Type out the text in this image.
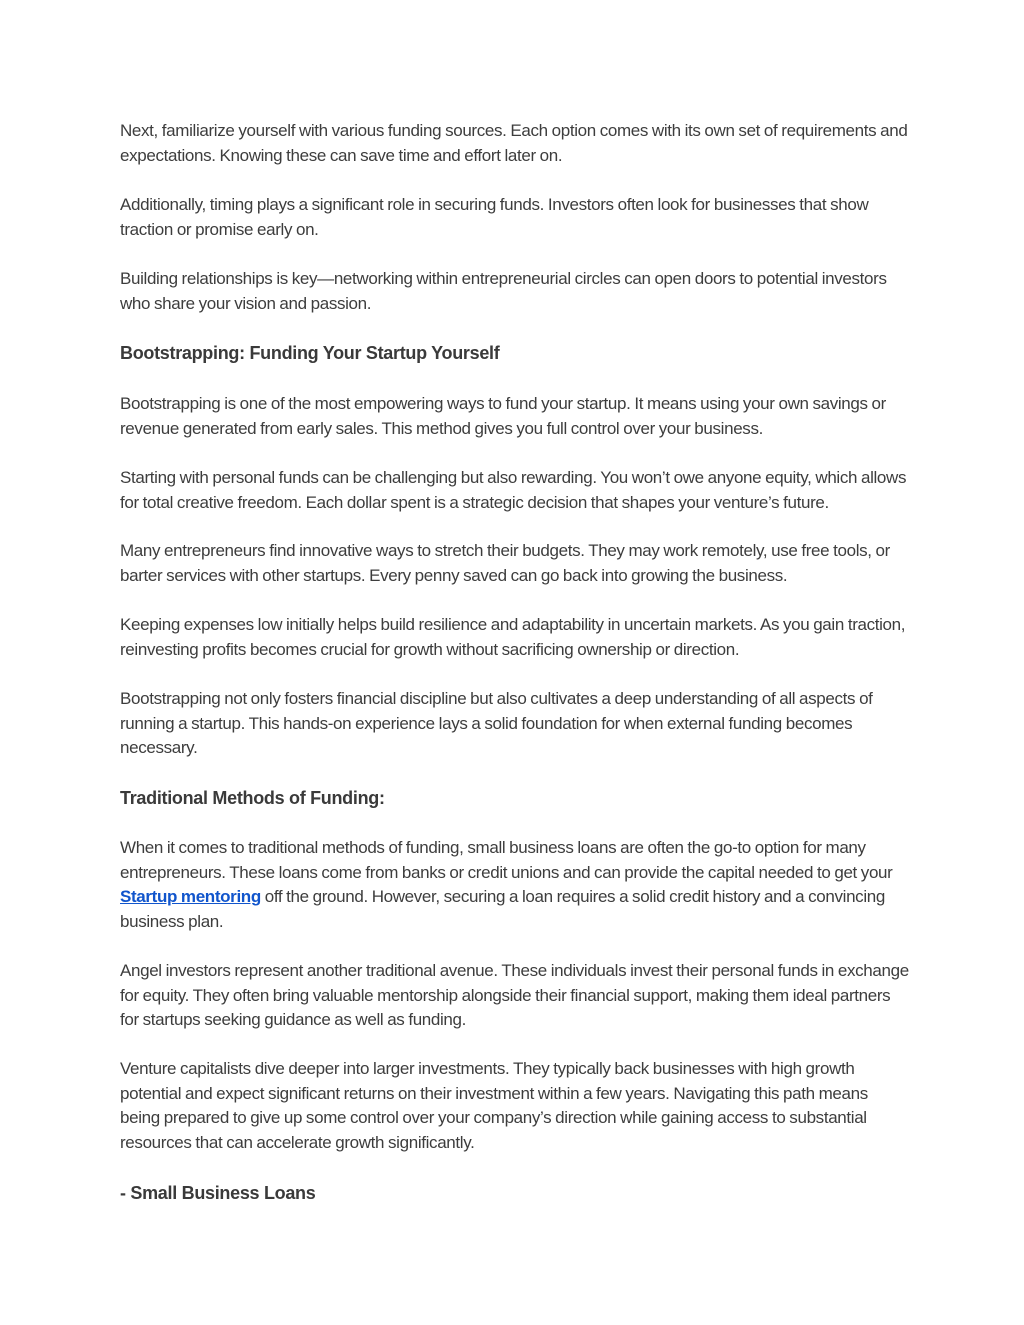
Next, familiarize yourself with various funding sources. Each option comes with its own set of requirements and expectations. Knowing these can save time and effort later on.

Additionally, timing plays a significant role in securing funds. Investors often look for businesses that show traction or promise early on.

Building relationships is key—networking within entrepreneurial circles can open doors to potential investors who share your vision and passion.

Bootstrapping: Funding Your Startup Yourself

Bootstrapping is one of the most empowering ways to fund your startup. It means using your own savings or revenue generated from early sales. This method gives you full control over your business.

Starting with personal funds can be challenging but also rewarding. You won’t owe anyone equity, which allows for total creative freedom. Each dollar spent is a strategic decision that shapes your venture’s future.

Many entrepreneurs find innovative ways to stretch their budgets. They may work remotely, use free tools, or barter services with other startups. Every penny saved can go back into growing the business.

Keeping expenses low initially helps build resilience and adaptability in uncertain markets. As you gain traction, reinvesting profits becomes crucial for growth without sacrificing ownership or direction.

Bootstrapping not only fosters financial discipline but also cultivates a deep understanding of all aspects of running a startup. This hands-on experience lays a solid foundation for when external funding becomes necessary.

Traditional Methods of Funding:

When it comes to traditional methods of funding, small business loans are often the go-to option for many entrepreneurs. These loans come from banks or credit unions and can provide the capital needed to get your Startup mentoring off the ground. However, securing a loan requires a solid credit history and a convincing business plan.

Angel investors represent another traditional avenue. These individuals invest their personal funds in exchange for equity. They often bring valuable mentorship alongside their financial support, making them ideal partners for startups seeking guidance as well as funding.

Venture capitalists dive deeper into larger investments. They typically back businesses with high growth potential and expect significant returns on their investment within a few years. Navigating this path means being prepared to give up some control over your company’s direction while gaining access to substantial resources that can accelerate growth significantly.

- Small Business Loans
